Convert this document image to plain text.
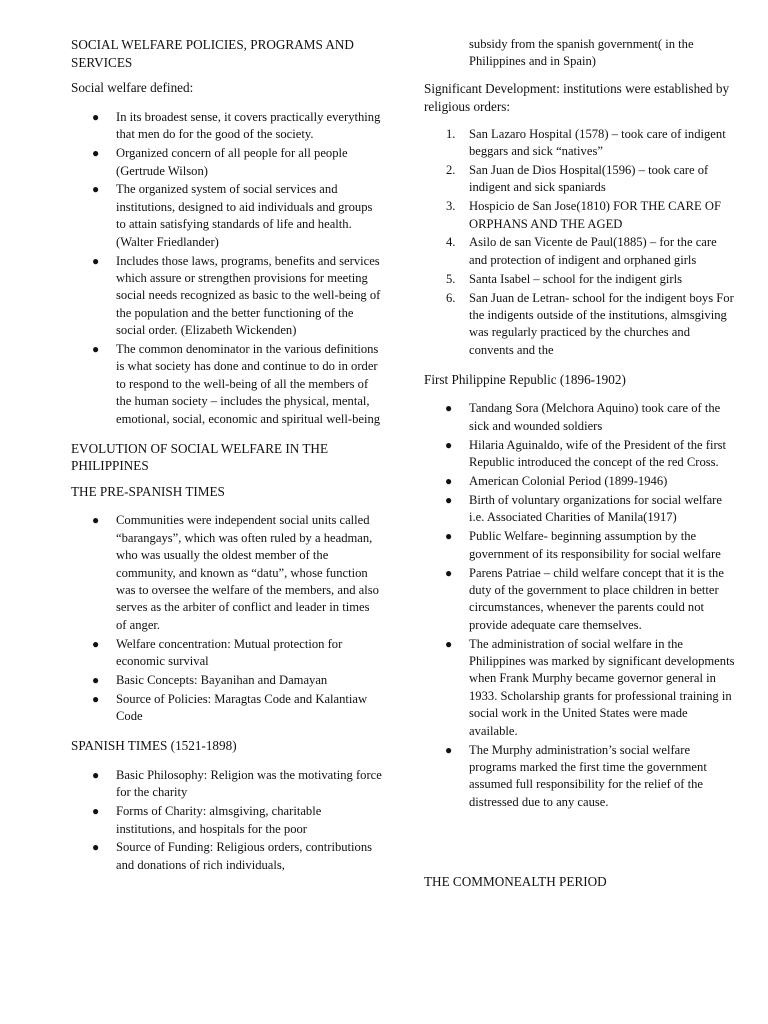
SOCIAL WELFARE POLICIES, PROGRAMS AND SERVICES

Social welfare defined:

● In its broadest sense, it covers practically everything that men do for the good of the society.
● Organized concern of all people for all people (Gertrude Wilson)
● The organized system of social services and institutions, designed to aid individuals and groups to attain satisfying standards of life and health. (Walter Friedlander)
● Includes those laws, programs, benefits and services which assure or strengthen provisions for meeting social needs recognized as basic to the well-being of the population and the better functioning of the social order. (Elizabeth Wickenden)
● The common denominator in the various definitions is what society has done and continue to do in order to respond to the well-being of all the members of the human society – includes the physical, mental, emotional, social, economic and spiritual well-being

EVOLUTION OF SOCIAL WELFARE IN THE PHILIPPINES

THE PRE-SPANISH TIMES

● Communities were independent social units called “barangays”, which was often ruled by a headman, who was usually the oldest member of the community, and known as “datu”, whose function was to oversee the welfare of the members, and also serves as the arbiter of conflict and leader in times of anger.
● Welfare concentration: Mutual protection for economic survival
● Basic Concepts: Bayanihan and Damayan
● Source of Policies: Maragtas Code and Kalantiaw Code

SPANISH TIMES (1521-1898)

● Basic Philosophy: Religion was the motivating force for the charity
● Forms of Charity: almsgiving, charitable institutions, and hospitals for the poor
● Source of Funding: Religious orders, contributions and donations of rich individuals,
subsidy from the spanish government( in the Philippines and in Spain)

Significant Development: institutions were established by religious orders:

1. San Lazaro Hospital (1578) – took care of indigent beggars and sick “natives”
2. San Juan de Dios Hospital(1596) – took care of indigent and sick spaniards
3. Hospicio de San Jose(1810) FOR THE CARE OF ORPHANS AND THE AGED
4. Asilo de san Vicente de Paul(1885) – for the care and protection of indigent and orphaned girls
5. Santa Isabel – school for the indigent girls
6. San Juan de Letran- school for the indigent boys For the indigents outside of the institutions, almsgiving was regularly practiced by the churches and convents and the

First Philippine Republic (1896-1902)

● Tandang Sora (Melchora Aquino) took care of the sick and wounded soldiers
● Hilaria Aguinaldo, wife of the President of the first Republic introduced the concept of the red Cross.
● American Colonial Period (1899-1946)
● Birth of voluntary organizations for social welfare i.e. Associated Charities of Manila(1917)
● Public Welfare- beginning assumption by the government of its responsibility for social welfare
● Parens Patriae – child welfare concept that it is the duty of the government to place children in better circumstances, whenever the parents could not provide adequate care themselves.
● The administration of social welfare in the Philippines was marked by significant developments when Frank Murphy became governor general in 1933. Scholarship grants for professional training in social work in the United States were made available.
● The Murphy administration’s social welfare programs marked the first time the government assumed full responsibility for the relief of the distressed due to any cause.

THE COMMONEALTH PERIOD
